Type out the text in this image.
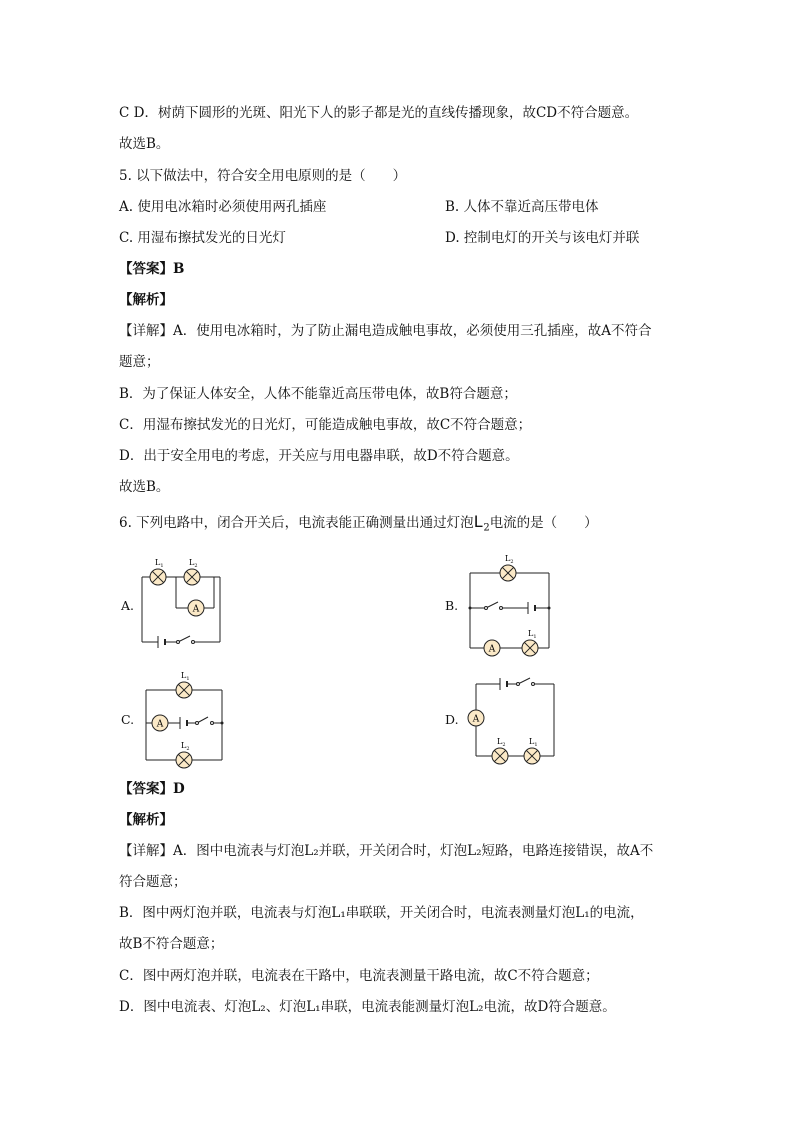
C D．树荫下圆形的光斑、阳光下人的影子都是光的直线传播现象，故CD不符合题意。
故选B。
5. 以下做法中，符合安全用电原则的是（　　）
A. 使用电冰箱时必须使用两孔插座	B. 人体不靠近高压带电体
C. 用湿布擦拭发光的日光灯	D. 控制电灯的开关与该电灯并联
【答案】B
【解析】
【详解】A．使用电冰箱时，为了防止漏电造成触电事故，必须使用三孔插座，故A不符合
题意；
B．为了保证人体安全，人体不能靠近高压带电体，故B符合题意；
C．用湿布擦拭发光的日光灯，可能造成触电事故，故C不符合题意；
D．出于安全用电的考虑，开关应与用电器串联，故D不符合题意。
故选B。
6. 下列电路中，闭合开关后，电流表能正确测量出通过灯泡$L_2$电流的是（　　）
A.	B.
C.	D.
A
$L_1$	$L_2$
A
$L_2$
$L_1$
A
$L_1$
$L_2$
A
$L_2$	$L_1$
【答案】D
【解析】
【详解】A．图中电流表与灯泡L₂并联，开关闭合时，灯泡L₂短路，电路连接错误，故A不
符合题意；
B．图中两灯泡并联，电流表与灯泡L₁串联联，开关闭合时，电流表测量灯泡L₁的电流，
故B不符合题意；
C．图中两灯泡并联，电流表在干路中，电流表测量干路电流，故C不符合题意；
D．图中电流表、灯泡L₂、灯泡L₁串联，电流表能测量灯泡L₂电流，故D符合题意。
